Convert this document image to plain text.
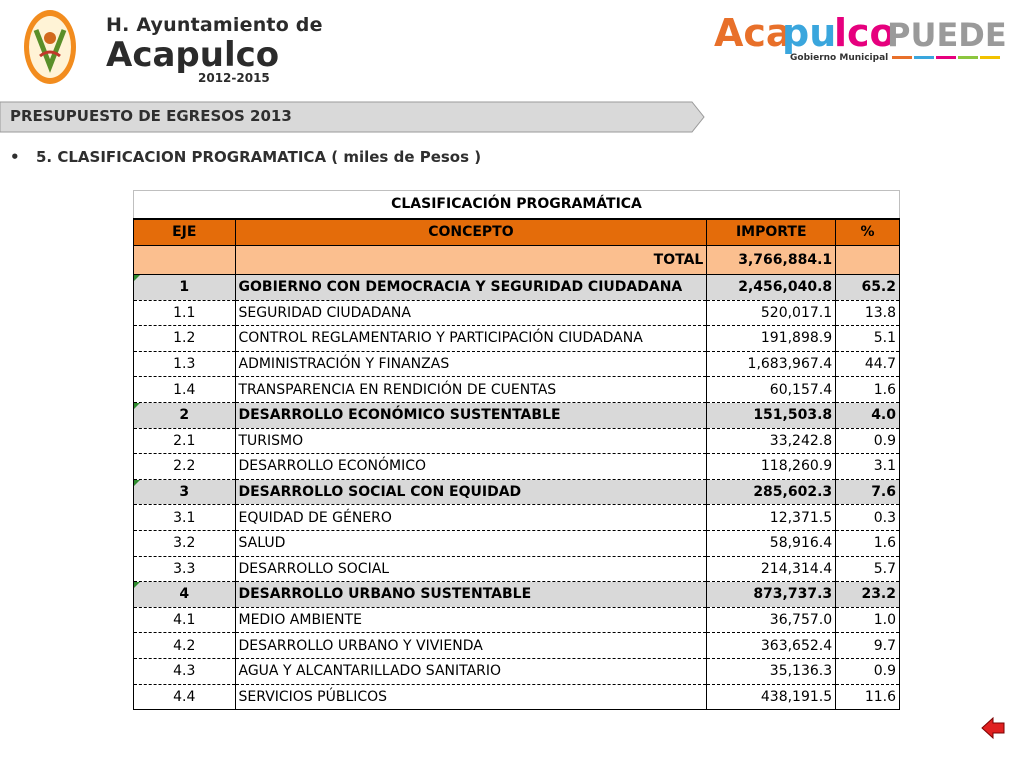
H. Ayuntamiento de
Acapulco
2012-2015
Aca
pu
lco
PUEDE
Gobierno Municipal
PRESUPUESTO DE EGRESOS 2013
• 5. CLASIFICACION PROGRAMATICA ( miles de Pesos )
CLASIFICACIÓN PROGRAMÁTICA			
EJE	CONCEPTO	IMPORTE	%
	TOTAL	3,766,884.1	
1	GOBIERNO CON DEMOCRACIA Y SEGURIDAD CIUDADANA	2,456,040.8	65.2
1.1	SEGURIDAD CIUDADANA	520,017.1	13.8
1.2	CONTROL REGLAMENTARIO Y PARTICIPACIÓN CIUDADANA	191,898.9	5.1
1.3	ADMINISTRACIÓN Y FINANZAS	1,683,967.4	44.7
1.4	TRANSPARENCIA EN RENDICIÓN DE CUENTAS	60,157.4	1.6
2	DESARROLLO ECONÓMICO SUSTENTABLE	151,503.8	4.0
2.1	TURISMO	33,242.8	0.9
2.2	DESARROLLO ECONÓMICO	118,260.9	3.1
3	DESARROLLO SOCIAL CON EQUIDAD	285,602.3	7.6
3.1	EQUIDAD DE GÉNERO	12,371.5	0.3
3.2	SALUD	58,916.4	1.6
3.3	DESARROLLO SOCIAL	214,314.4	5.7
4	DESARROLLO URBANO SUSTENTABLE	873,737.3	23.2
4.1	MEDIO AMBIENTE	36,757.0	1.0
4.2	DESARROLLO URBANO Y VIVIENDA	363,652.4	9.7
4.3	AGUA Y ALCANTARILLADO SANITARIO	35,136.3	0.9
4.4	SERVICIOS PÚBLICOS	438,191.5	11.6
